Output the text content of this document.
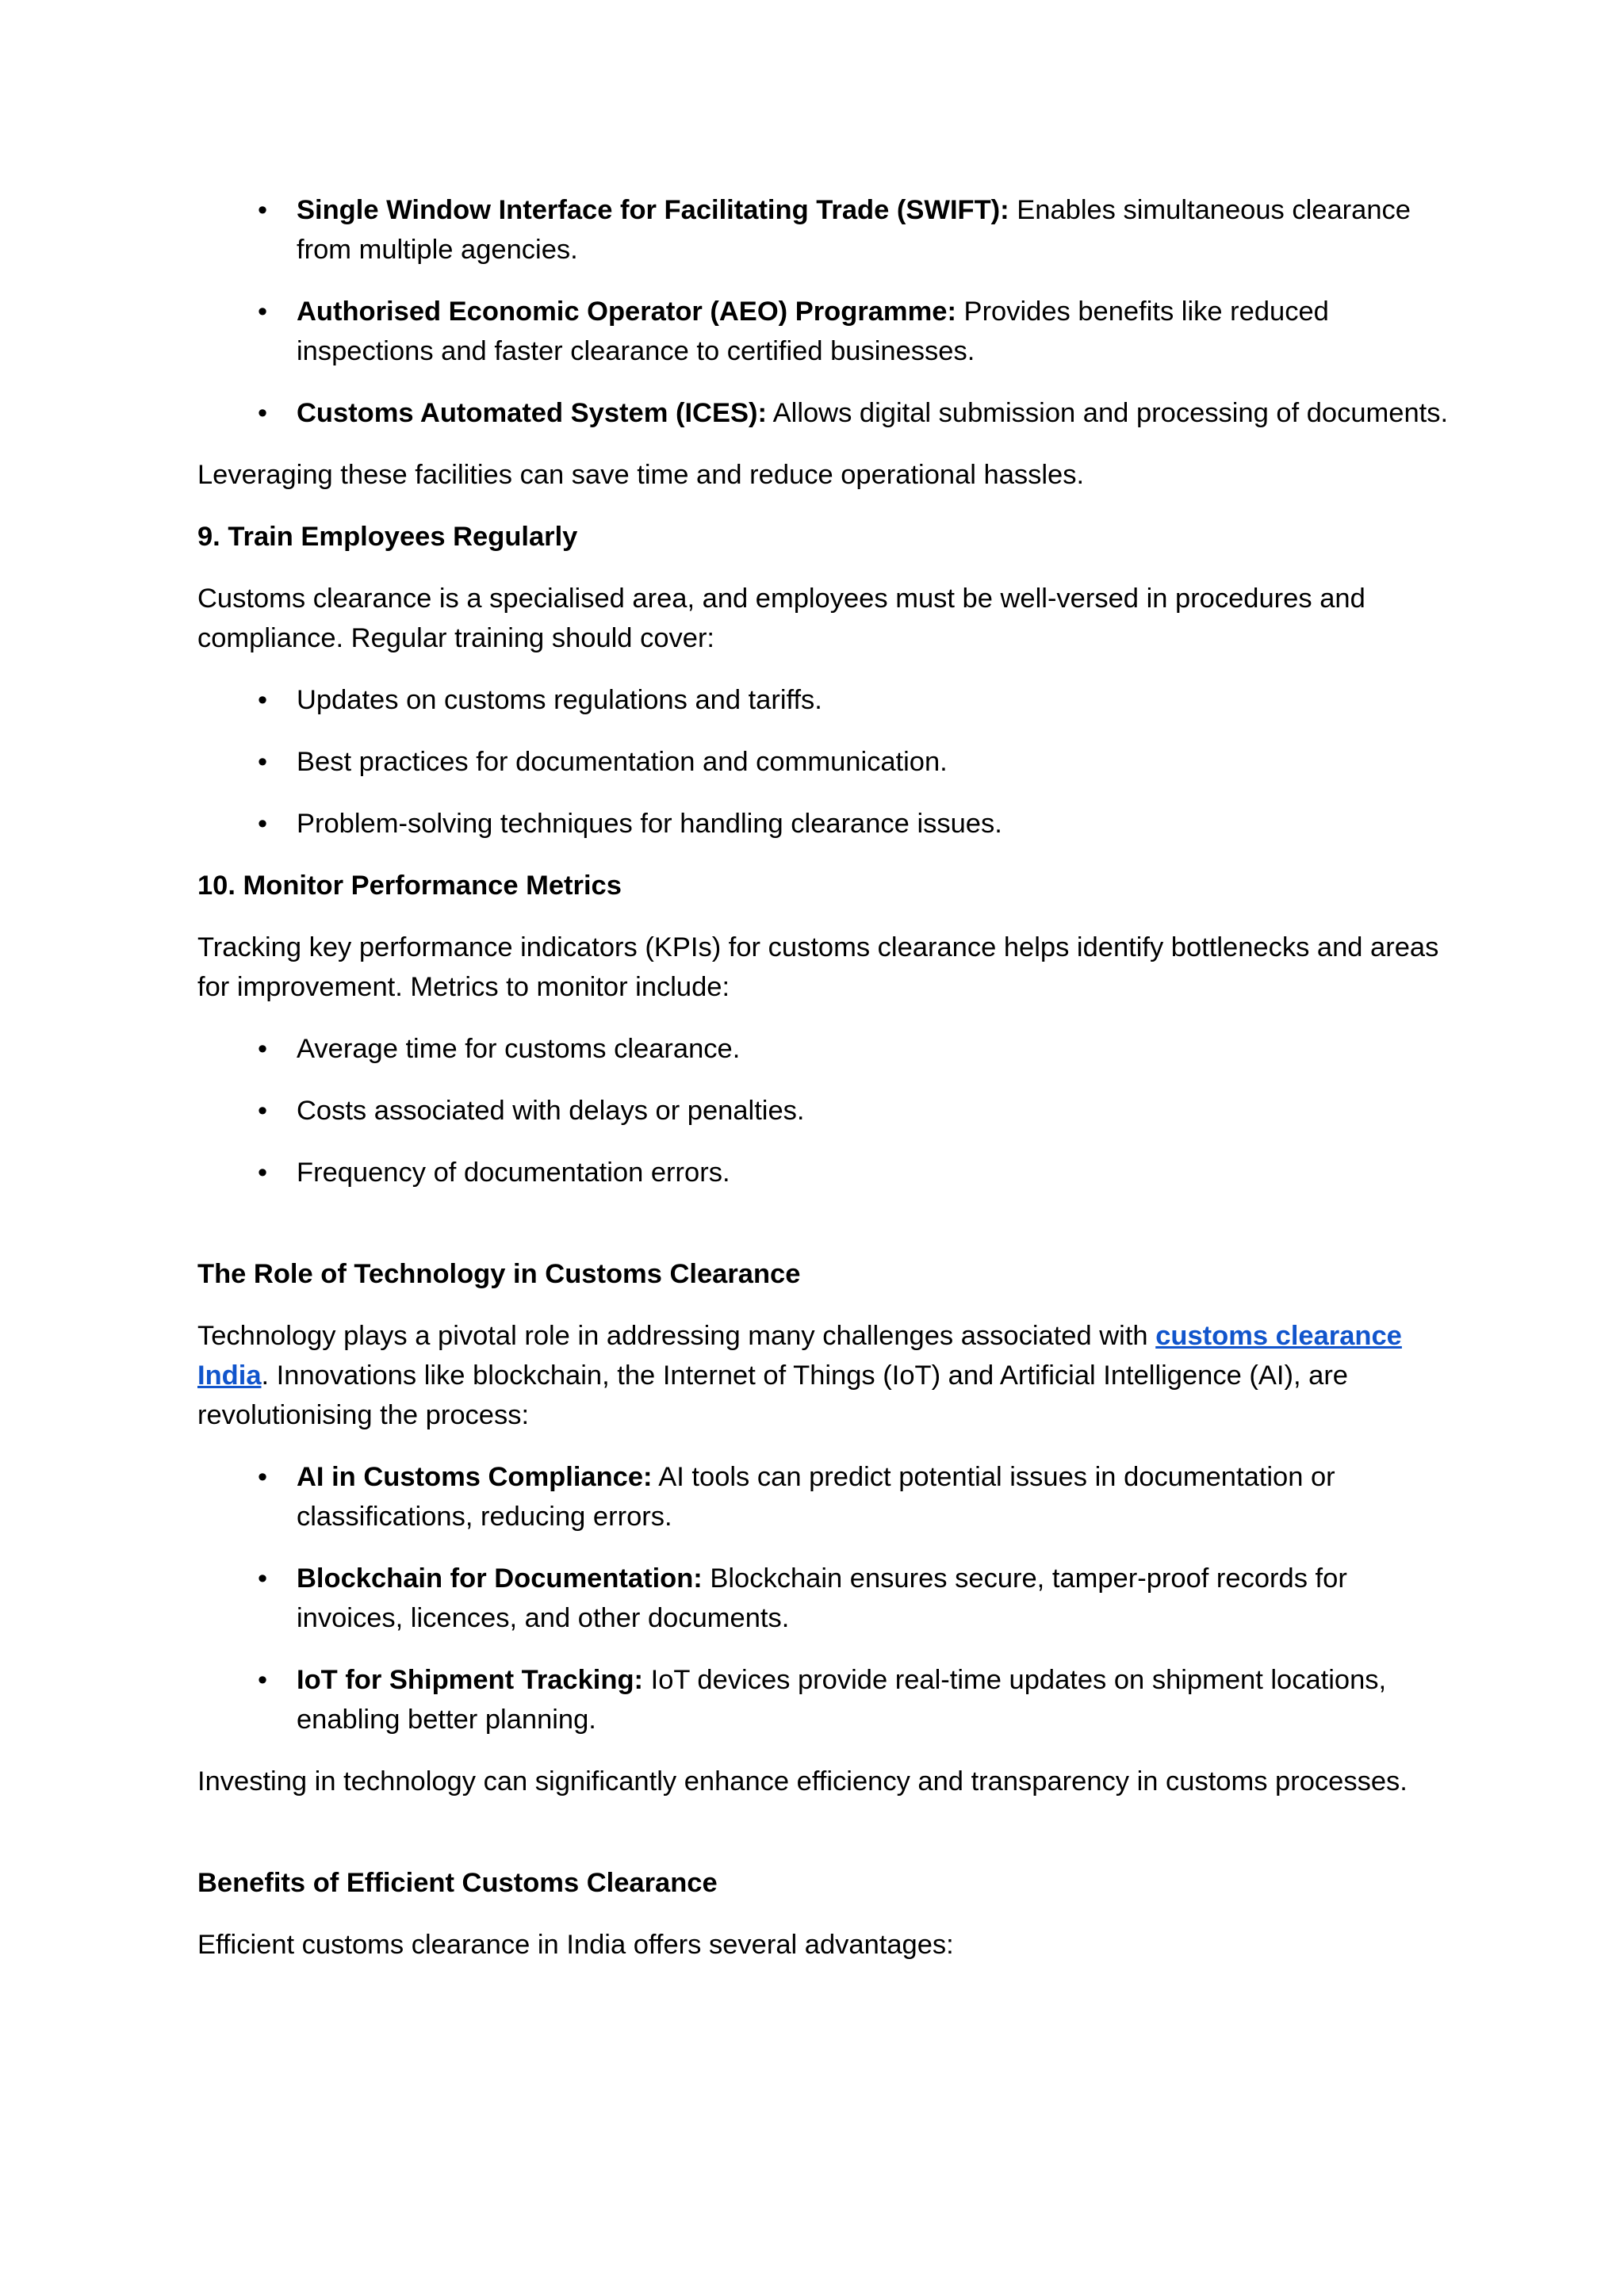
• Single Window Interface for Facilitating Trade (SWIFT): Enables simultaneous clearance from multiple agencies.
• Authorised Economic Operator (AEO) Programme: Provides benefits like reduced inspections and faster clearance to certified businesses.
• Customs Automated System (ICES): Allows digital submission and processing of documents.

Leveraging these facilities can save time and reduce operational hassles.

9. Train Employees Regularly

Customs clearance is a specialised area, and employees must be well-versed in procedures and compliance. Regular training should cover:

• Updates on customs regulations and tariffs.
• Best practices for documentation and communication.
• Problem-solving techniques for handling clearance issues.

10. Monitor Performance Metrics

Tracking key performance indicators (KPIs) for customs clearance helps identify bottlenecks and areas for improvement. Metrics to monitor include:

• Average time for customs clearance.
• Costs associated with delays or penalties.
• Frequency of documentation errors.

The Role of Technology in Customs Clearance

Technology plays a pivotal role in addressing many challenges associated with customs clearance India. Innovations like blockchain, the Internet of Things (IoT) and Artificial Intelligence (AI), are revolutionising the process:

• AI in Customs Compliance: AI tools can predict potential issues in documentation or classifications, reducing errors.
• Blockchain for Documentation: Blockchain ensures secure, tamper-proof records for invoices, licences, and other documents.
• IoT for Shipment Tracking: IoT devices provide real-time updates on shipment locations, enabling better planning.

Investing in technology can significantly enhance efficiency and transparency in customs processes.

Benefits of Efficient Customs Clearance

Efficient customs clearance in India offers several advantages:
